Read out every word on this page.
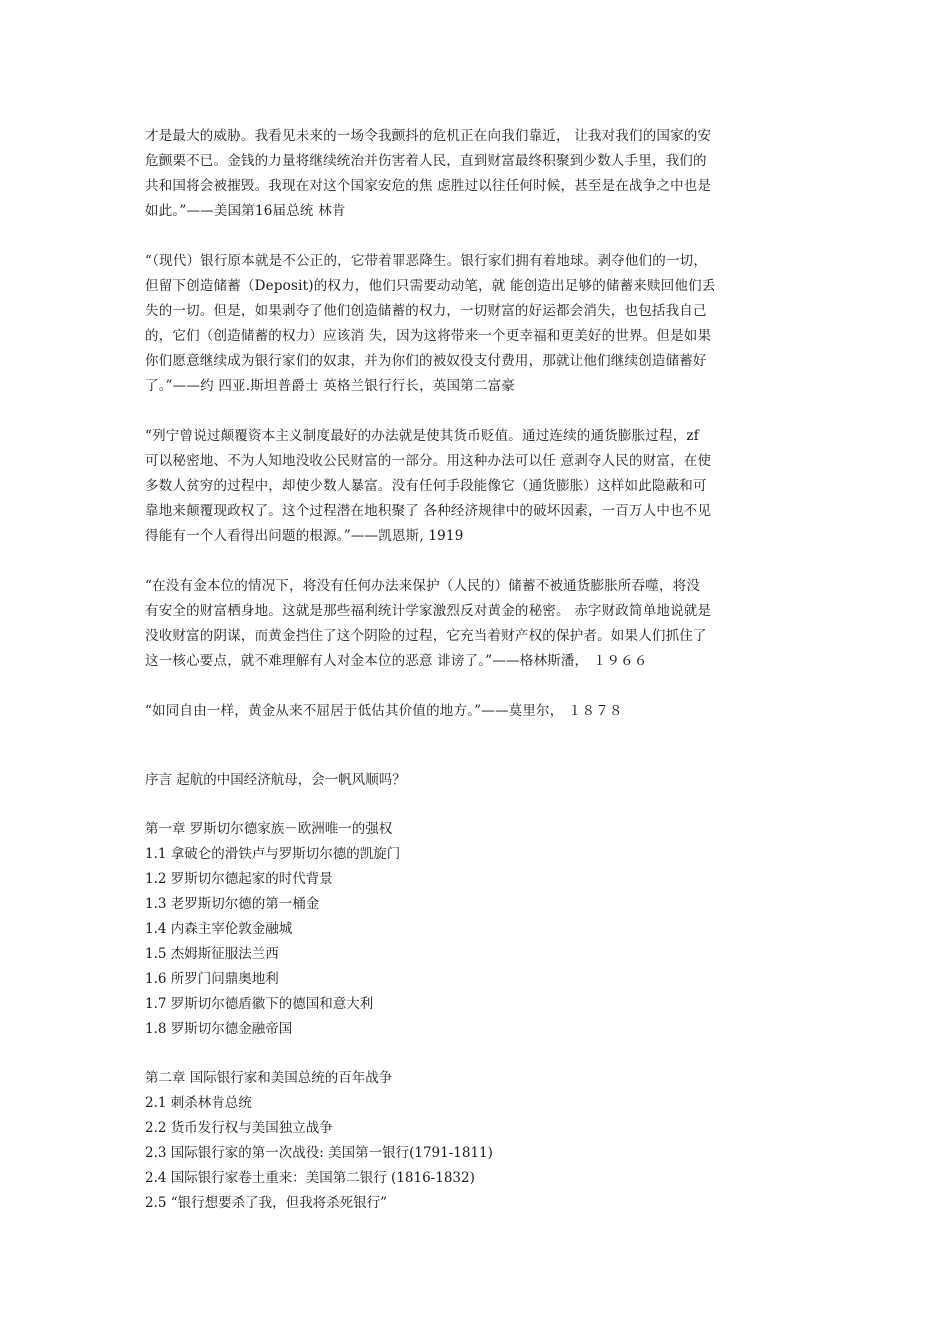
才是最大的威胁。我看见未来的一场令我颤抖的危机正在向我们靠近， 让我对我们的国家的安

危颤栗不已。金钱的力量将继续统治并伤害着人民，直到财富最终积聚到少数人手里，我们的

共和国将会被摧毁。我现在对这个国家安危的焦 虑胜过以往任何时候，甚至是在战争之中也是

如此。”——美国第16届总统 林肯

“（现代）银行原本就是不公正的，它带着罪恶降生。银行家们拥有着地球。剥夺他们的一切，

但留下创造储蓄（Deposit)的权力，他们只需要动动笔，就 能创造出足够的储蓄来赎回他们丢

失的一切。但是，如果剥夺了他们创造储蓄的权力，一切财富的好运都会消失，也包括我自己

的，它们（创造储蓄的权力）应该消 失，因为这将带来一个更幸福和更美好的世界。但是如果

你们愿意继续成为银行家们的奴隶，并为你们的被奴役支付费用，那就让他们继续创造储蓄好

了。”——约 四亚.斯坦普爵士 英格兰银行行长，英国第二富豪

“列宁曾说过颠覆资本主义制度最好的办法就是使其货币贬值。通过连续的通货膨胀过程，zf

可以秘密地、不为人知地没收公民财富的一部分。用这种办法可以任 意剥夺人民的财富，在使

多数人贫穷的过程中，却使少数人暴富。没有任何手段能像它（通货膨胀）这样如此隐蔽和可

靠地来颠覆现政权了。这个过程潜在地积聚了 各种经济规律中的破坏因素，一百万人中也不见

得能有一个人看得出问题的根源。”——凯恩斯, 1919

“在没有金本位的情况下，将没有任何办法来保护（人民的）储蓄不被通货膨胀所吞噬，将没

有安全的财富栖身地。这就是那些福利统计学家激烈反对黄金的秘密。 赤字财政简单地说就是

没收财富的阴谋，而黄金挡住了这个阴险的过程，它充当着财产权的保护者。如果人们抓住了

这一核心要点，就不难理解有人对金本位的恶意 诽谤了。”——格林斯潘， １９６６

“如同自由一样，黄金从来不屈居于低估其价值的地方。”——莫里尔， １８７８

序言 起航的中国经济航母，会一帆风顺吗？

第一章 罗斯切尔德家族－欧洲唯一的强权

1.1 拿破仑的滑铁卢与罗斯切尔德的凯旋门

1.2 罗斯切尔德起家的时代背景

1.3 老罗斯切尔德的第一桶金

1.4 内森主宰伦敦金融城

1.5 杰姆斯征服法兰西

1.6 所罗门问鼎奥地利

1.7 罗斯切尔德盾徽下的德国和意大利

1.8 罗斯切尔德金融帝国

第二章 国际银行家和美国总统的百年战争

2.1 刺杀林肯总统

2.2 货币发行权与美国独立战争

2.3 国际银行家的第一次战役: 美国第一银行(1791-1811)

2.4 国际银行家卷土重来：美国第二银行 (1816-1832)

2.5 “银行想要杀了我，但我将杀死银行”
